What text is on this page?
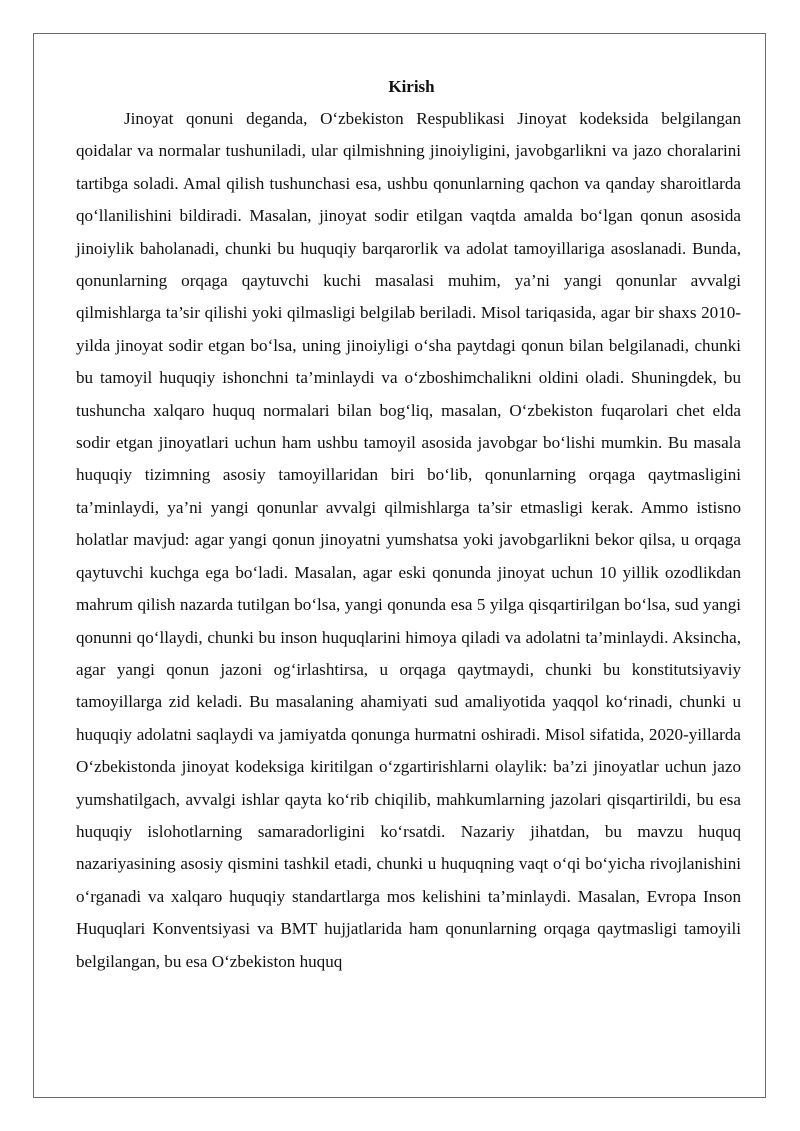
Kirish

Jinoyat qonuni deganda, O‘zbekiston Respublikasi Jinoyat kodeksida belgilangan qoidalar va normalar tushuniladi, ular qilmishning jinoiyligini, javobgarlikni va jazo choralarini tartibga soladi. Amal qilish tushunchasi esa, ushbu qonunlarning qachon va qanday sharoitlarda qo‘llanilishini bildiradi. Masalan, jinoyat sodir etilgan vaqtda amalda bo‘lgan qonun asosida jinoiylik baholanadi, chunki bu huquqiy barqarorlik va adolat tamoyillariga asoslanadi. Bunda, qonunlarning orqaga qaytuvchi kuchi masalasi muhim, ya’ni yangi qonunlar avvalgi qilmishlarga ta’sir qilishi yoki qilmasligi belgilab beriladi. Misol tariqasida, agar bir shaxs 2010-yilda jinoyat sodir etgan bo‘lsa, uning jinoiyligi o‘sha paytdagi qonun bilan belgilanadi, chunki bu tamoyil huquqiy ishonchni ta’minlaydi va o‘zboshimchalikni oldini oladi. Shuningdek, bu tushuncha xalqaro huquq normalari bilan bog‘liq, masalan, O‘zbekiston fuqarolari chet elda sodir etgan jinoyatlari uchun ham ushbu tamoyil asosida javobgar bo‘lishi mumkin. Bu masala huquqiy tizimning asosiy tamoyillaridan biri bo‘lib, qonunlarning orqaga qaytmasligini ta’minlaydi, ya’ni yangi qonunlar avvalgi qilmishlarga ta’sir etmasligi kerak. Ammo istisno holatlar mavjud: agar yangi qonun jinoyatni yumshatsa yoki javobgarlikni bekor qilsa, u orqaga qaytuvchi kuchga ega bo‘ladi. Masalan, agar eski qonunda jinoyat uchun 10 yillik ozodlikdan mahrum qilish nazarda tutilgan bo‘lsa, yangi qonunda esa 5 yilga qisqartirilgan bo‘lsa, sud yangi qonunni qo‘llaydi, chunki bu inson huquqlarini himoya qiladi va adolatni ta’minlaydi. Aksincha, agar yangi qonun jazoni og‘irlashtirsa, u orqaga qaytmaydi, chunki bu konstitutsiyaviy tamoyillarga zid keladi. Bu masalaning ahamiyati sud amaliyotida yaqqol ko‘rinadi, chunki u huquqiy adolatni saqlaydi va jamiyatda qonunga hurmatni oshiradi. Misol sifatida, 2020-yillarda O‘zbekistonda jinoyat kodeksiga kiritilgan o‘zgartirishlarni olaylik: ba’zi jinoyatlar uchun jazo yumshatilgach, avvalgi ishlar qayta ko‘rib chiqilib, mahkumlarning jazolari qisqartirildi, bu esa huquqiy islohotlarning samaradorligini ko‘rsatdi. Nazariy jihatdan, bu mavzu huquq nazariyasining asosiy qismini tashkil etadi, chunki u huquqning vaqt o‘qi bo‘yicha rivojlanishini o‘rganadi va xalqaro huquqiy standartlarga mos kelishini ta’minlaydi. Masalan, Evropa Inson Huquqlari Konventsiyasi va BMT hujjatlarida ham qonunlarning orqaga qaytmasligi tamoyili belgilangan, bu esa O‘zbekiston huquq
